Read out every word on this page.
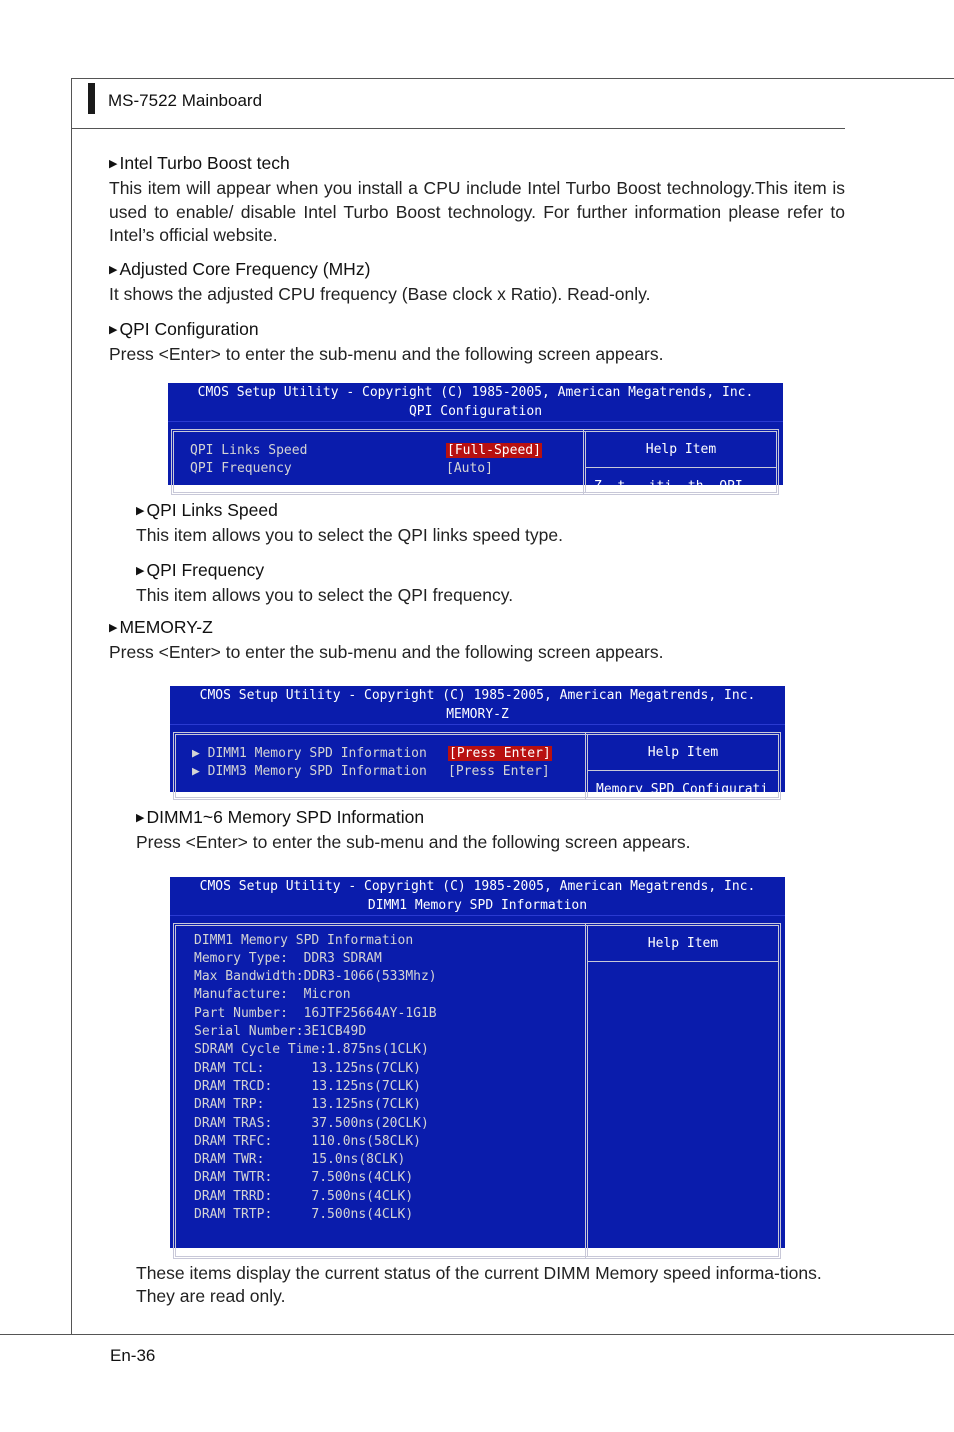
MS-7522 Mainboard
▶ Intel Turbo Boost tech

This item will appear when you install a CPU include Intel Turbo Boost technology.This item is used to enable/ disable Intel Turbo Boost technology. For further information please refer to Intel’s official website.

▶ Adjusted Core Frequency (MHz)

It shows the adjusted CPU frequency (Base clock x Ratio). Read-only.

▶ QPI Configuration

Press <Enter> to enter the sub-menu and the following screen appears.

CMOS Setup Utility - Copyright (C) 1985-2005, American Megatrends, Inc.
QPI Configuration
QPI Links Speed	[Full-Speed]
QPI Frequency	[Auto]
Help Item
Z  t   iti  th  QPI
▶ QPI Links Speed

This item allows you to select the QPI links speed type.

▶ QPI Frequency

This item allows you to select the QPI frequency.

▶ MEMORY-Z

Press <Enter> to enter the sub-menu and the following screen appears.

CMOS Setup Utility - Copyright (C) 1985-2005, American Megatrends, Inc.
MEMORY-Z
▶ DIMM1 Memory SPD Information [Press Enter]
▶ DIMM3 Memory SPD Information [Press Enter]
Help Item
Memory SPD Configurati
▶ DIMM1~6 Memory SPD Information

Press <Enter> to enter the sub-menu and the following screen appears.

CMOS Setup Utility - Copyright (C) 1985-2005, American Megatrends, Inc.
DIMM1 Memory SPD Information
DIMM1 Memory SPD Information
Memory Type:  DDR3 SDRAM
Max Bandwidth:DDR3-1066(533Mhz)
Manufacture:  Micron
Part Number:  16JTF25664AY-1G1B
Serial Number:3E1CB49D
SDRAM Cycle Time:1.875ns(1CLK)
DRAM TCL:      13.125ns(7CLK)
DRAM TRCD:     13.125ns(7CLK)
DRAM TRP:      13.125ns(7CLK)
DRAM TRAS:     37.500ns(20CLK)
DRAM TRFC:     110.0ns(58CLK)
DRAM TWR:      15.0ns(8CLK)
DRAM TWTR:     7.500ns(4CLK)
DRAM TRRD:     7.500ns(4CLK)
DRAM TRTP:     7.500ns(4CLK)
Help Item

These items display the current status of the current DIMM Memory speed informa-tions. They are read only.

En-36
